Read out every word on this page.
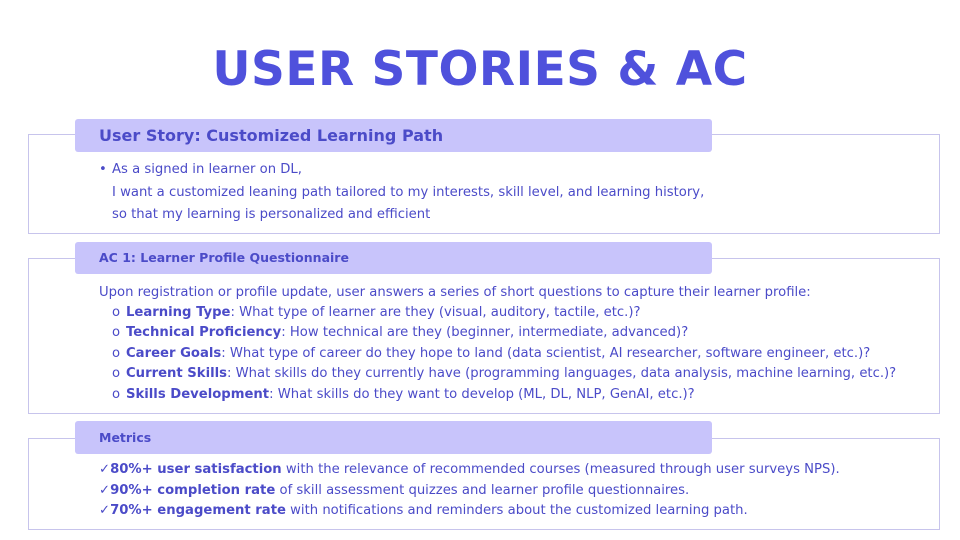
USER STORIES & AC
User Story: Customized Learning Path
• As a signed in learner on DL,
I want a customized leaning path tailored to my interests, skill level, and learning history,
so that my learning is personalized and efficient
AC 1: Learner Profile Questionnaire
Upon registration or profile update, user answers a series of short questions to capture their learner profile:
o Learning Type: What type of learner are they (visual, auditory, tactile, etc.)?
o Technical Proficiency: How technical are they (beginner, intermediate, advanced)?
o Career Goals: What type of career do they hope to land (data scientist, AI researcher, software engineer, etc.)?
o Current Skills: What skills do they currently have (programming languages, data analysis, machine learning, etc.)?
o Skills Development: What skills do they want to develop (ML, DL, NLP, GenAI, etc.)?
Metrics
✓80%+ user satisfaction with the relevance of recommended courses (measured through user surveys NPS).
✓90%+ completion rate of skill assessment quizzes and learner profile questionnaires.
✓70%+ engagement rate with notifications and reminders about the customized learning path.
